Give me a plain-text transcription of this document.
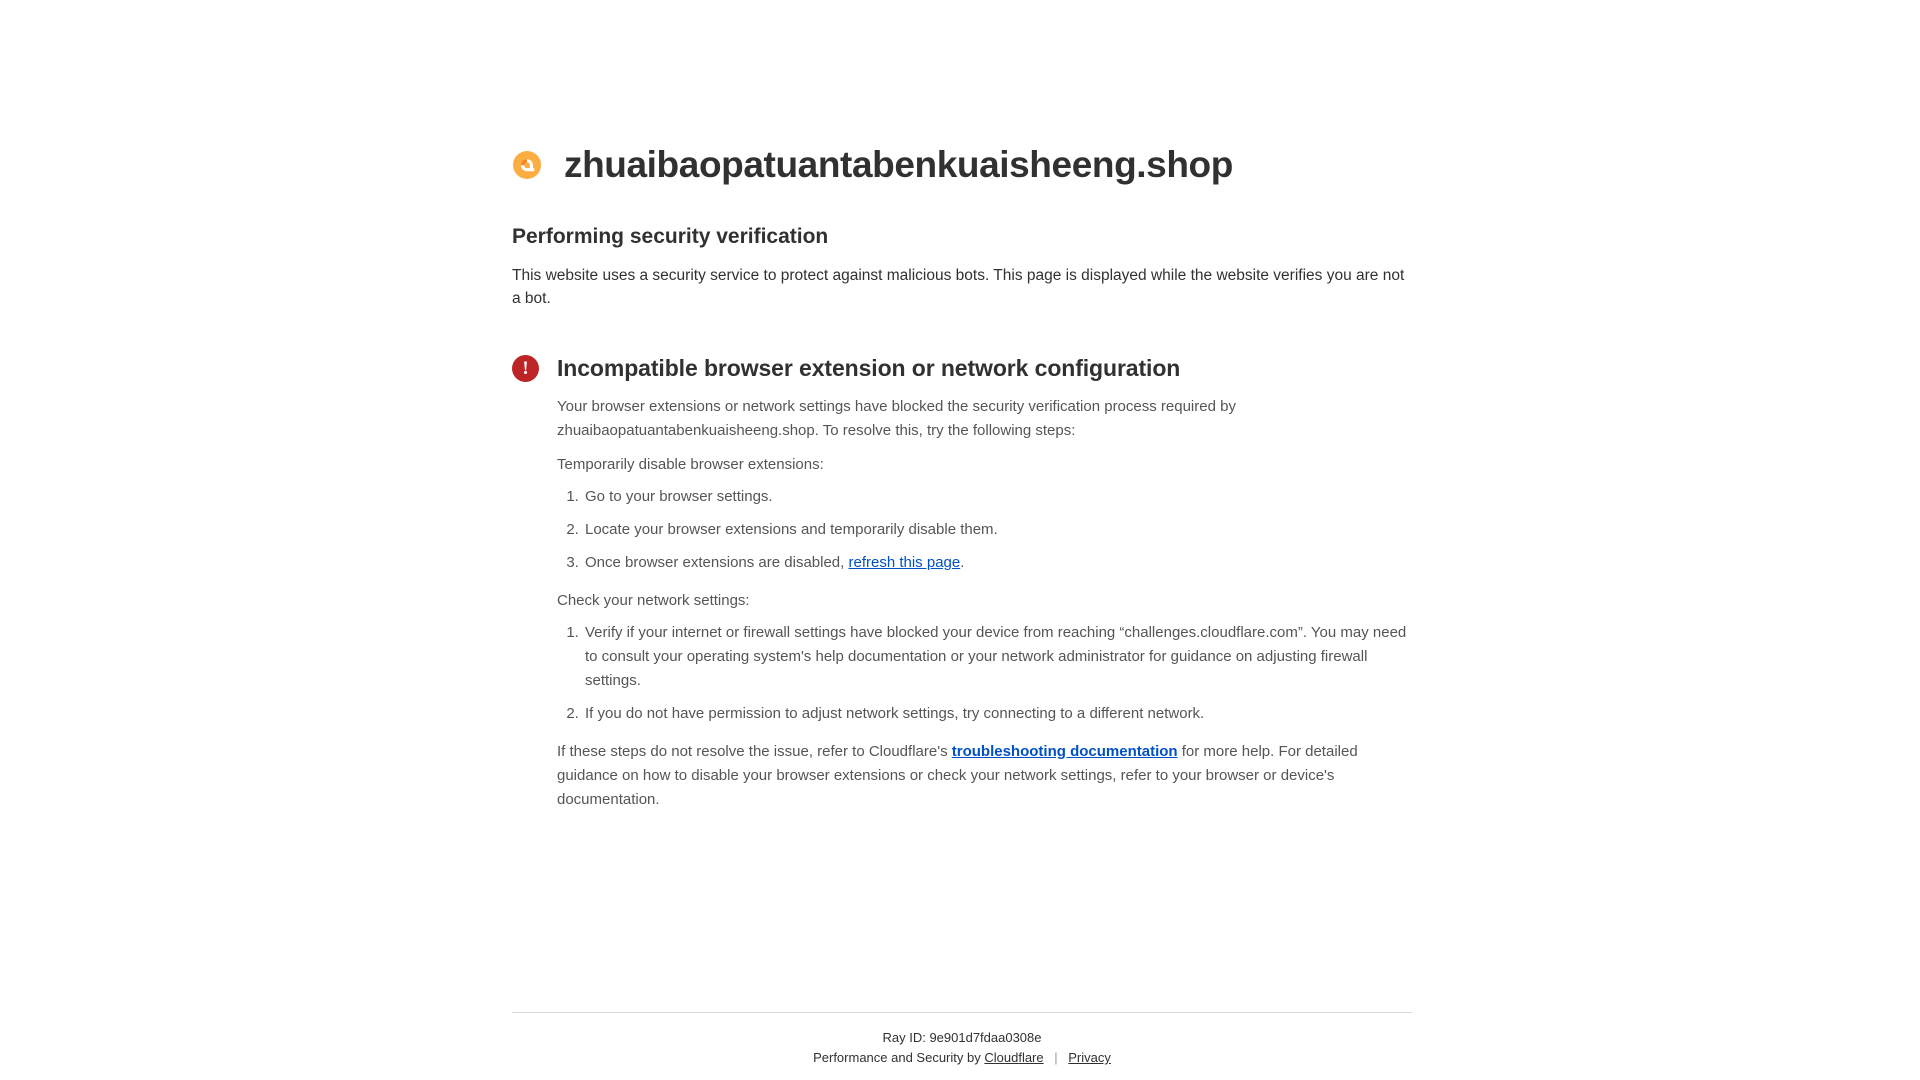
zhuaibaopatuantabenkuaisheeng.shop
Performing security verification

This website uses a security service to protect against malicious bots. This page is displayed while the website verifies you are not a bot.

!	Incompatible browser extension or network configuration

Your browser extensions or network settings have blocked the security verification process required by zhuaibaopatuantabenkuaisheeng.shop. To resolve this, try the following steps:

Temporarily disable browser extensions:

1. Go to your browser settings.
2. Locate your browser extensions and temporarily disable them.
3. Once browser extensions are disabled, refresh this page.

Check your network settings:

1. Verify if your internet or firewall settings have blocked your device from reaching “challenges.cloudflare.com”. You may need to consult your operating system's help documentation or your network administrator for guidance on adjusting firewall settings.
2. If you do not have permission to adjust network settings, try connecting to a different network.

If these steps do not resolve the issue, refer to Cloudflare's troubleshooting documentation for more help. For detailed guidance on how to disable your browser extensions or check your network settings, refer to your browser or device's documentation.

Ray ID: 9e901d7fdaa0308e
Performance and Security by Cloudflare | Privacy
